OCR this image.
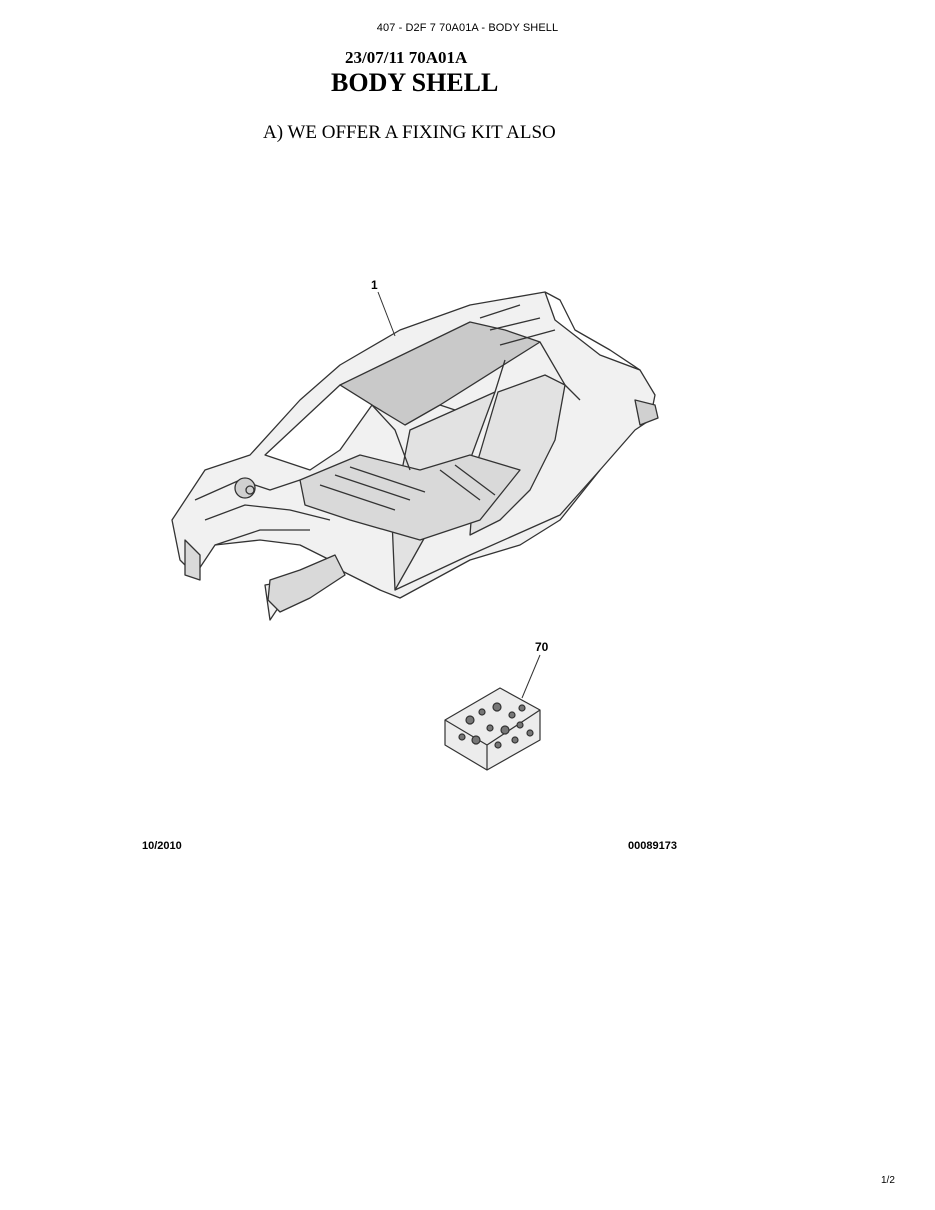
407 - D2F 7 70A01A - BODY SHELL
23/07/11 70A01A
BODY SHELL
A) WE OFFER A FIXING KIT ALSO
1
70
10/2010	00089173
1/2
